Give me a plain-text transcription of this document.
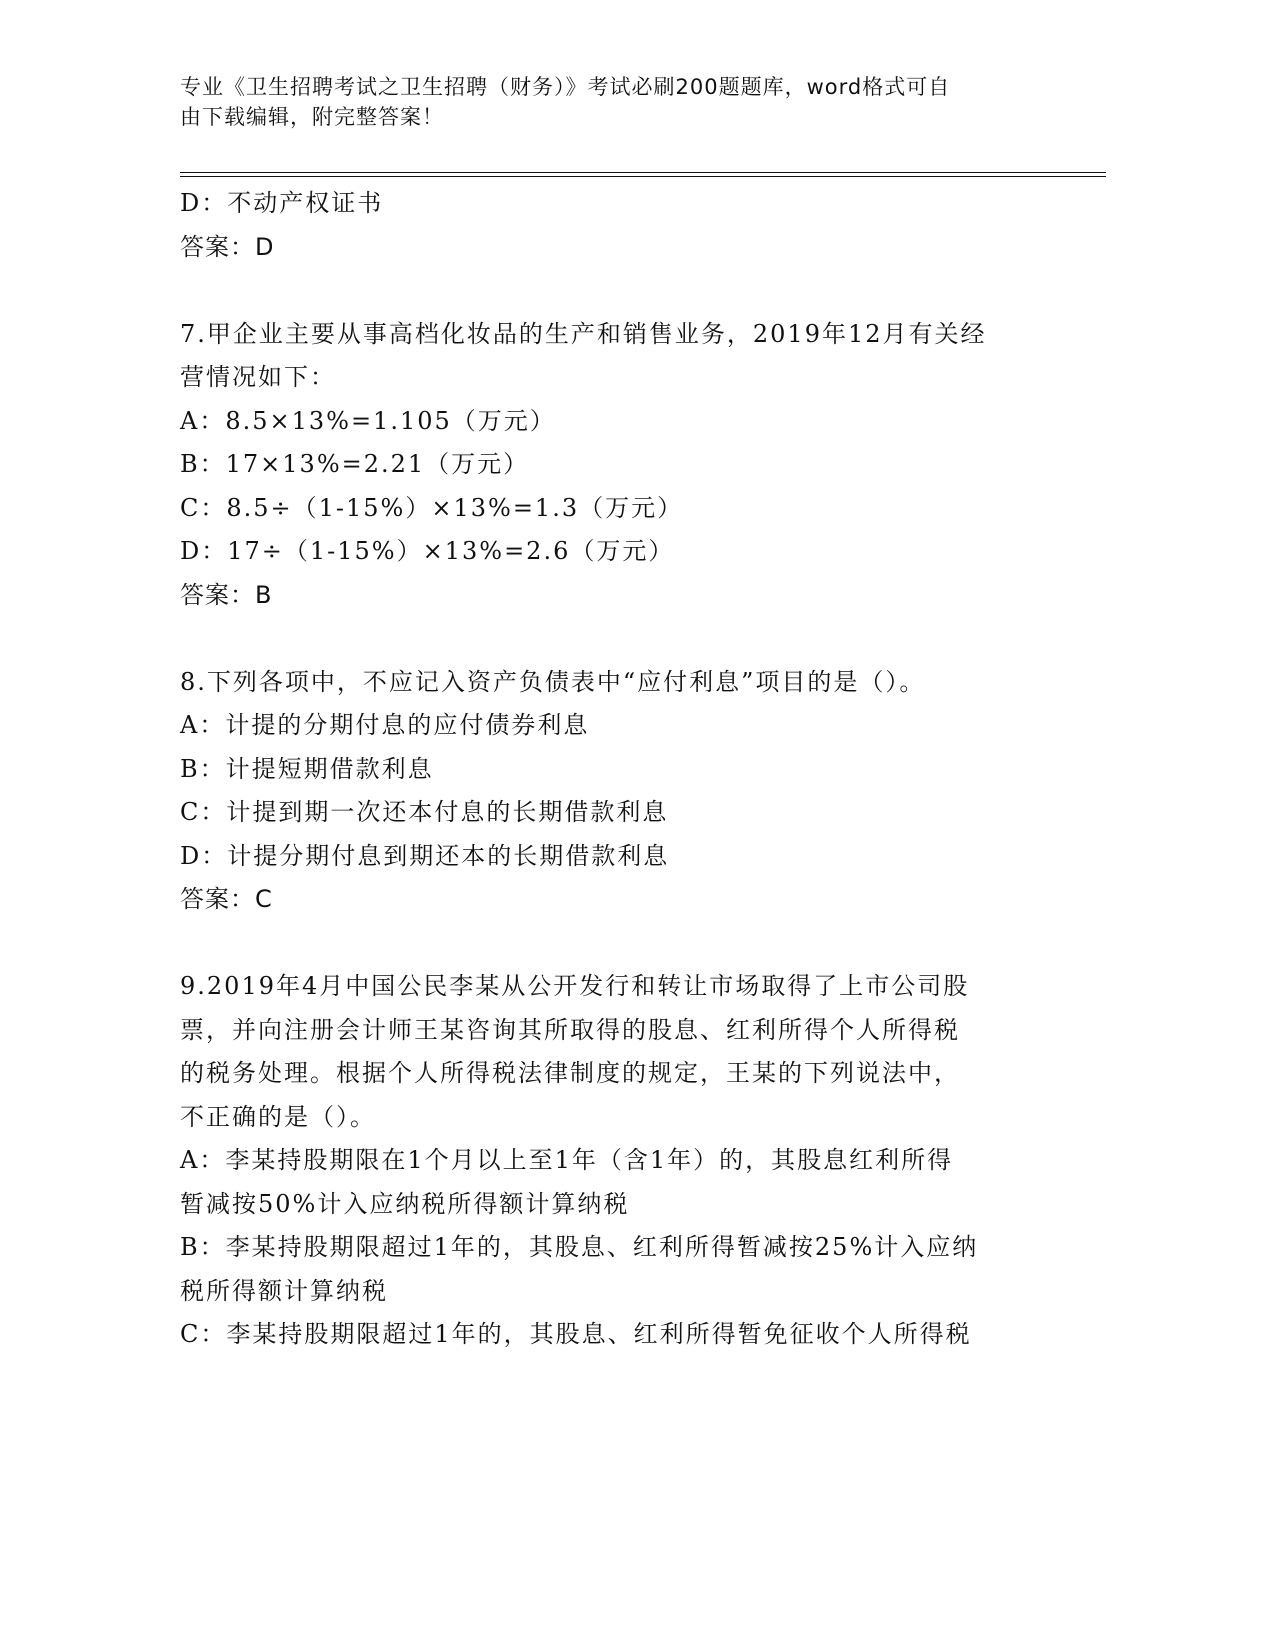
专业《卫生招聘考试之卫生招聘（财务）》考试必刷200题题库，word格式可自
由下载编辑，附完整答案！
D：不动产权证书
答案：D
7.甲企业主要从事高档化妆品的生产和销售业务，2019年12月有关经
营情况如下：
A：8.5×13%=1.105（万元）
B：17×13%=2.21（万元）
C：8.5÷（1-15%）×13%=1.3（万元）
D：17÷（1-15%）×13%=2.6（万元）
答案：B
8.下列各项中，不应记入资产负债表中“应付利息”项目的是（）。
A：计提的分期付息的应付债券利息
B：计提短期借款利息
C：计提到期一次还本付息的长期借款利息
D：计提分期付息到期还本的长期借款利息
答案：C
9.2019年4月中国公民李某从公开发行和转让市场取得了上市公司股
票，并向注册会计师王某咨询其所取得的股息、红利所得个人所得税
的税务处理。根据个人所得税法律制度的规定，王某的下列说法中，
不正确的是（）。
A：李某持股期限在1个月以上至1年（含1年）的，其股息红利所得
暂减按50%计入应纳税所得额计算纳税
B：李某持股期限超过1年的，其股息、红利所得暂减按25%计入应纳
税所得额计算纳税
C：李某持股期限超过1年的，其股息、红利所得暂免征收个人所得税
